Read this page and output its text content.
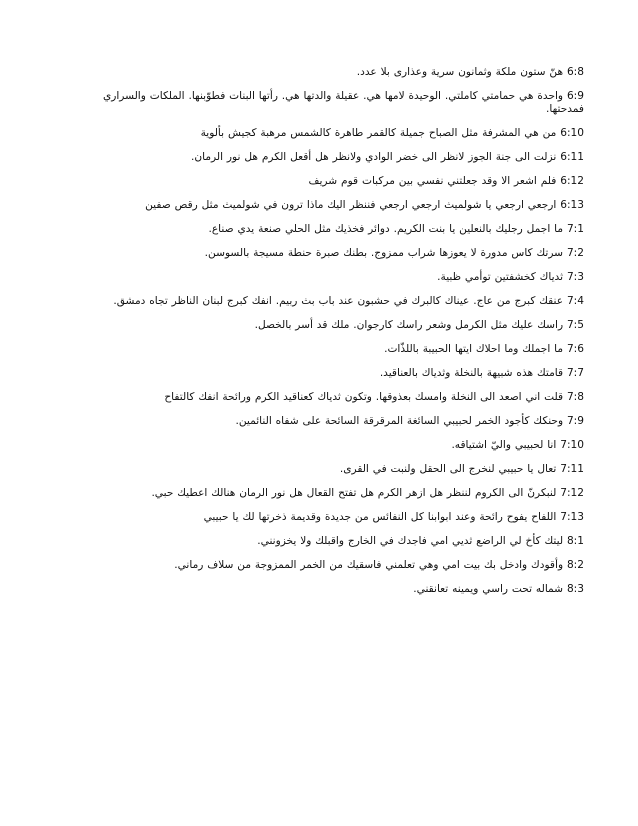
6:8 هنّ ستون ملكة وثمانون سرية وعذارى بلا عدد.

6:9 واحدة هي حمامتي كاملتي. الوحيدة لامها هي. عقيلة والدتها هي. رأتها البنات فطوّبنها. الملكات والسراري فمدحتها.

6:10 من هي المشرفة مثل الصباح جميلة كالقمر طاهرة كالشمس مرهبة كجيش بألوية

6:11 نزلت الى جنة الجوز لانظر الى خضر الوادي ولانظر هل أقعل الكرم هل نور الرمان.

6:12 فلم اشعر الا وقد جعلتني نفسي بين مركبات قوم شريف

6:13 ارجعي ارجعي يا شولميث ارجعي ارجعي فننظر اليك ماذا ترون في شولميث مثل رقص صفين

7:1 ما اجمل رجليك بالنعلين يا بنت الكريم. دوائر فخذيك مثل الحلي صنعة يدي صناع.

7:2 سرتك كاس مدورة لا يعوزها شراب ممزوج. بطنك صبرة حنطة مسيجة بالسوسن.

7:3 ثدياك كخشفتين توأمي ظبية.

7:4 عنقك كبرج من عاج. عيناك كالبرك في حشبون عند باب بث ربيم. انفك كبرج لبنان الناظر تجاه دمشق.

7:5 راسك عليك مثل الكرمل وشعر راسك كارجوان. ملك قد أسر بالخصل.

7:6 ما اجملك وما احلاك ايتها الحبيبة باللذّات.

7:7 قامتك هذه شبيهة بالنخلة وثدياك بالعناقيد.

7:8 قلت اني اصعد الى النخلة وامسك بعذوقها. وتكون ثدياك كعناقيد الكرم ورائحة انفك كالتفاح

7:9 وحنكك كأجود الخمر لحبيبي السائغة المرقرقة السائحة على شفاه النائمين.

7:10 انا لحبيبي واليّ اشتياقه.

7:11 تعال يا حبيبي لنخرج الى الحقل ولنبت في القرى.

7:12 لنبكرنّ الى الكروم لننظر هل ازهر الكرم هل تفتح القعال هل نور الرمان هنالك اعطيك حبي.

7:13 اللفاح يفوح رائحة وعند ابوابنا كل النفائس من جديدة وقديمة ذخرتها لك يا حبيبي

8:1 ليتك كأخ لي الراضع ثديي امي فاجدك في الخارج واقبلك ولا يخزونني.

8:2 وأقودك وادخل بك بيت امي وهي تعلمني فاسقيك من الخمر الممزوجة من سلاف رماني.

8:3 شماله تحت راسي ويمينه تعانقني.
